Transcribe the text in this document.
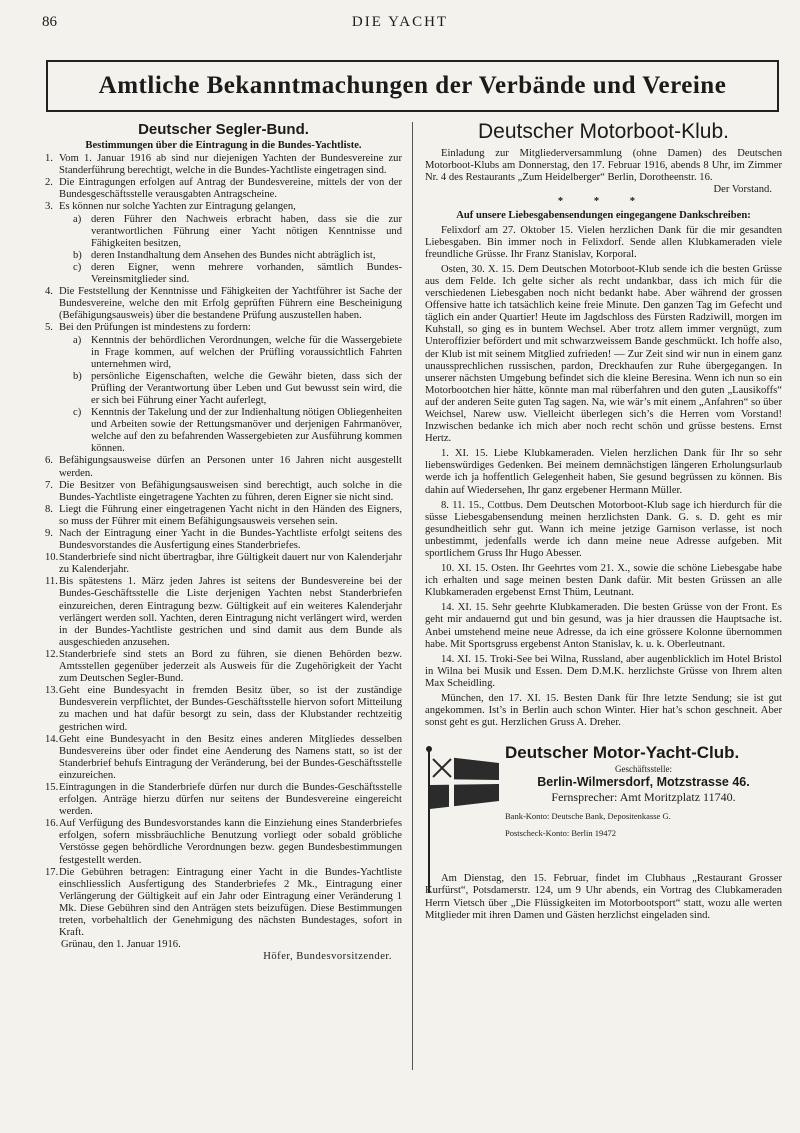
86	DIE YACHT
Amtliche Bekanntmachungen der Verbände und Vereine
Deutscher Segler-Bund.
Bestimmungen über die Eintragung in die Bundes-Yachtliste.
1. Vom 1. Januar 1916 ab sind nur diejenigen Yachten der Bundesvereine zur Standerführung berechtigt, welche in die Bundes-Yachtliste eingetragen sind.
2. Die Eintragungen erfolgen auf Antrag der Bundesvereine, mittels der von der Bundesgeschäftsstelle verausgabten Antragscheine.
3. Es können nur solche Yachten zur Eintragung gelangen,
a) deren Führer den Nachweis erbracht haben, dass sie die zur verantwortlichen Führung einer Yacht nötigen Kenntnisse und Fähigkeiten besitzen,
b) deren Instandhaltung dem Ansehen des Bundes nicht abträglich ist,
c) deren Eigner, wenn mehrere vorhanden, sämtlich Bundes-Vereinsmitglieder sind.
4. Die Feststellung der Kenntnisse und Fähigkeiten der Yachtführer ist Sache der Bundesvereine, welche den mit Erfolg geprüften Führern eine Bescheinigung (Befähigungsausweis) über die bestandene Prüfung auszustellen haben.
5. Bei den Prüfungen ist mindestens zu fordern:
a) Kenntnis der behördlichen Verordnungen, welche für die Wassergebiete in Frage kommen, auf welchen der Prüfling voraussichtlich Fahrten unternehmen wird,
b) persönliche Eigenschaften, welche die Gewähr bieten, dass sich der Prüfling der Verantwortung über Leben und Gut bewusst sein wird, die er sich bei Führung einer Yacht auferlegt,
c) Kenntnis der Takelung und der zur Indienhaltung nötigen Obliegenheiten und Arbeiten sowie der Rettungsmanöver und derjenigen Fahrmanöver, welche auf den zu befahrenden Wassergebieten zur Ausführung kommen können.
6. Befähigungsausweise dürfen an Personen unter 16 Jahren nicht ausgestellt werden.
7. Die Besitzer von Befähigungsausweisen sind berechtigt, auch solche in die Bundes-Yachtliste eingetragene Yachten zu führen, deren Eigner sie nicht sind.
8. Liegt die Führung einer eingetragenen Yacht nicht in den Händen des Eigners, so muss der Führer mit einem Befähigungsausweis versehen sein.
9. Nach der Eintragung einer Yacht in die Bundes-Yachtliste erfolgt seitens des Bundesvorstandes die Ausfertigung eines Standerbriefes.
10. Standerbriefe sind nicht übertragbar, ihre Gültigkeit dauert nur von Kalenderjahr zu Kalenderjahr.
11. Bis spätestens 1. März jeden Jahres ist seitens der Bundesvereine bei der Bundes-Geschäftsstelle die Liste derjenigen Yachten nebst Standerbriefen einzureichen, deren Eintragung bezw. Gültigkeit auf ein weiteres Kalenderjahr verlängert werden soll. Yachten, deren Eintragung nicht verlängert wird, werden in der Bundes-Yachtliste gestrichen und sind damit aus dem Bunde als ausgeschieden anzusehen.
12. Standerbriefe sind stets an Bord zu führen, sie dienen Behörden bezw. Amtsstellen gegenüber jederzeit als Ausweis für die Zugehörigkeit der Yacht zum Deutschen Segler-Bund.
13. Geht eine Bundesyacht in fremden Besitz über, so ist der zuständige Bundesverein verpflichtet, der Bundes-Geschäftsstelle hiervon sofort Mitteilung zu machen und hat dafür besorgt zu sein, dass der Klubstander rechtzeitig gestrichen wird.
14. Geht eine Bundesyacht in den Besitz eines anderen Mitgliedes desselben Bundesvereins über oder findet eine Aenderung des Namens statt, so ist der Standerbrief behufs Eintragung der Veränderung, bei der Bundes-Geschäftsstelle einzureichen.
15. Eintragungen in die Standerbriefe dürfen nur durch die Bundes-Geschäftsstelle erfolgen. Anträge hierzu dürfen nur seitens der Bundesvereine eingereicht werden.
16. Auf Verfügung des Bundesvorstandes kann die Einziehung eines Standerbriefes erfolgen, sofern missbräuchliche Benutzung vorliegt oder sobald gröbliche Verstösse gegen behördliche Verordnungen bezw. gegen Bundesbestimmungen festgestellt werden.
17. Die Gebühren betragen: Eintragung einer Yacht in die Bundes-Yachtliste einschliesslich Ausfertigung des Standerbriefes 2 Mk., Eintragung einer Verlängerung der Gültigkeit auf ein Jahr oder Eintragung einer Veränderung 1 Mk. Diese Gebühren sind den Anträgen stets beizufügen. Diese Bestimmungen treten, vorbehaltlich der Genehmigung des nächsten Bundestages, sofort in Kraft.
Grünau, den 1. Januar 1916.
Höfer, Bundesvorsitzender.
Deutscher Motorboot-Klub.
Einladung zur Mitgliederversammlung (ohne Damen) des Deutschen Motorboot-Klubs am Donnerstag, den 17. Februar 1916, abends 8 Uhr, im Zimmer Nr. 4 des Restaurants „Zum Heidelberger“ Berlin, Dorotheenstr. 16.
Der Vorstand.
* * *
Auf unsere Liebesgabensendungen eingegangene Dankschreiben:
Felixdorf am 27. Oktober 15. Vielen herzlichen Dank für die mir gesandten Liebesgaben. Bin immer noch in Felixdorf. Sende allen Klubkameraden viele freundliche Grüsse. Ihr Franz Stanislav, Korporal.
Osten, 30. X. 15. Dem Deutschen Motorboot-Klub sende ich die besten Grüsse aus dem Felde. Ich gelte sicher als recht undankbar, dass ich mich für die verschiedenen Liebesgaben noch nicht bedankt habe. Aber während der grossen Offensive hatte ich tatsächlich keine freie Minute. Den ganzen Tag im Gefecht und täglich ein ander Quartier! Heute im Jagdschloss des Fürsten Radziwill, morgen im Kuhstall, so ging es in buntem Wechsel. Aber trotz allem immer vergnügt, zum Unteroffizier befördert und mit schwarzweissem Bande geschmückt. Ich hoffe also, der Klub ist mit seinem Mitglied zufrieden! — Zur Zeit sind wir nun in einem ganz unaussprechlichen russischen, pardon, Dreckhaufen zur Ruhe übergegangen. In unserer nächsten Umgebung befindet sich die kleine Beresina. Wenn ich nun so ein Motorbootchen hier hätte, könnte man mal rüberfahren und den guten „Lausikoffs“ auf der anderen Seite guten Tag sagen. Na, wie wär’s mit einem „Anfahren“ so über Weichsel, Narew usw. Vielleicht überlegen sich’s die Herren vom Vorstand! Inzwischen bedanke ich mich aber noch recht schön und grüsse bestens. Ernst Hertz.
1. XI. 15. Liebe Klubkameraden. Vielen herzlichen Dank für Ihr so sehr liebenswürdiges Gedenken. Bei meinem demnächstigen längeren Erholungsurlaub werde ich ja hoffentlich Gelegenheit haben, Sie gesund begrüssen zu können. Bis dahin auf Wiedersehen, Ihr ganz ergebener Hermann Müller.
8. 11. 15., Cottbus. Dem Deutschen Motorboot-Klub sage ich hierdurch für die süsse Liebesgabensendung meinen herzlichsten Dank. G. s. D. geht es mir gesundheitlich sehr gut. Wann ich meine jetzige Garnison verlasse, ist noch unbestimmt, jedenfalls werde ich dann meine neue Adresse aufgeben. Mit sportlichem Gruss Ihr Hugo Abesser.
10. XI. 15. Osten. Ihr Geehrtes vom 21. X., sowie die schöne Liebesgabe habe ich erhalten und sage meinen besten Dank dafür. Mit besten Grüssen an alle Klubkameraden ergebenst Ernst Thüm, Leutnant.
14. XI. 15. Sehr geehrte Klubkameraden. Die besten Grüsse von der Front. Es geht mir andauernd gut und bin gesund, was ja hier draussen die Hauptsache ist. Anbei umstehend meine neue Adresse, da ich eine grössere Kolonne übernommen habe. Mit Sportsgruss ergebenst Anton Stanislav, k. u. k. Oberleutnant.
14. XI. 15. Troki-See bei Wilna, Russland, aber augenblicklich im Hotel Bristol in Wilna bei Musik und Essen. Dem D.M.K. herzlichste Grüsse von Ihrem alten Max Scheidling.
München, den 17. XI. 15. Besten Dank für Ihre letzte Sendung; sie ist gut angekommen. Ist’s in Berlin auch schon Winter. Hier hat’s schon geschneit. Aber sonst geht es gut. Herzlichen Gruss A. Dreher.
Deutscher Motor-Yacht-Club.
Geschäftsstelle:
Berlin-Wilmersdorf, Motzstrasse 46.
Fernsprecher: Amt Moritzplatz 11740.
Bank-Konto: Deutsche Bank, Depositenkasse G.
Postscheck-Konto: Berlin 19472
Am Dienstag, den 15. Februar, findet im Clubhaus „Restaurant Grosser Kurfürst“, Potsdamerstr. 124, um 9 Uhr abends, ein Vortrag des Clubkameraden Herrn Vietsch über „Die Flüssigkeiten im Motorbootsport“ statt, wozu alle werten Mitglieder mit ihren Damen und Gästen herzlichst eingeladen sind.
